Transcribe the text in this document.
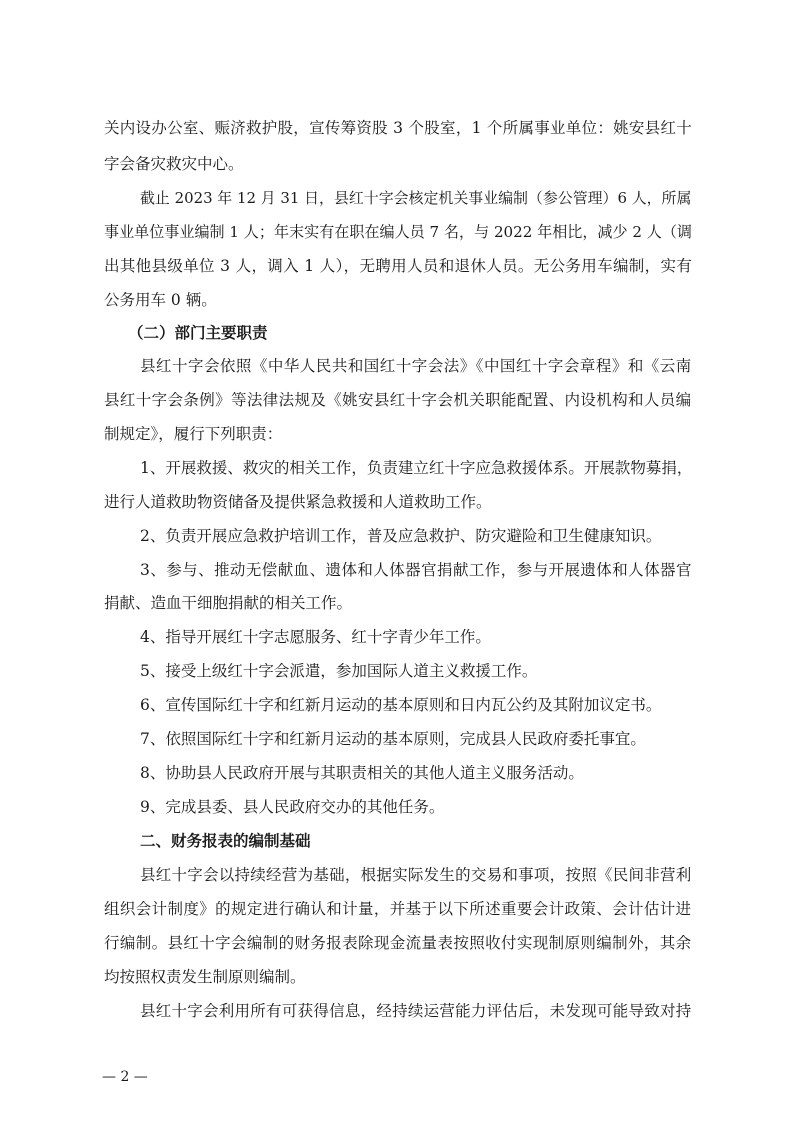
关内设办公室、赈济救护股，宣传筹资股 3 个股室，1 个所属事业单位：姚安县红十
字会备灾救灾中心。
截止 2023 年 12 月 31 日，县红十字会核定机关事业编制（参公管理）6 人，所属
事业单位事业编制 1 人；年末实有在职在编人员 7 名，与 2022 年相比，减少 2 人（调
出其他县级单位 3 人，调入 1 人），无聘用人员和退休人员。无公务用车编制，实有
公务用车 0 辆。
（二）部门主要职责
县红十字会依照《中华人民共和国红十字会法》《中国红十字会章程》和《云南
县红十字会条例》等法律法规及《姚安县红十字会机关职能配置、内设机构和人员编
制规定》，履行下列职责：
1、开展救援、救灾的相关工作，负责建立红十字应急救援体系。开展款物募捐，
进行人道救助物资储备及提供紧急救援和人道救助工作。
2、负责开展应急救护培训工作，普及应急救护、防灾避险和卫生健康知识。
3、参与、推动无偿献血、遗体和人体器官捐献工作，参与开展遗体和人体器官
捐献、造血干细胞捐献的相关工作。
4、指导开展红十字志愿服务、红十字青少年工作。
5、接受上级红十字会派遣，参加国际人道主义救援工作。
6、宣传国际红十字和红新月运动的基本原则和日内瓦公约及其附加议定书。
7、依照国际红十字和红新月运动的基本原则，完成县人民政府委托事宜。
8、协助县人民政府开展与其职责相关的其他人道主义服务活动。
9、完成县委、县人民政府交办的其他任务。
二、财务报表的编制基础
县红十字会以持续经营为基础，根据实际发生的交易和事项，按照《民间非营利
组织会计制度》的规定进行确认和计量，并基于以下所述重要会计政策、会计估计进
行编制。县红十字会编制的财务报表除现金流量表按照收付实现制原则编制外，其余
均按照权责发生制原则编制。
县红十字会利用所有可获得信息，经持续运营能力评估后，未发现可能导致对持
— 2 —
